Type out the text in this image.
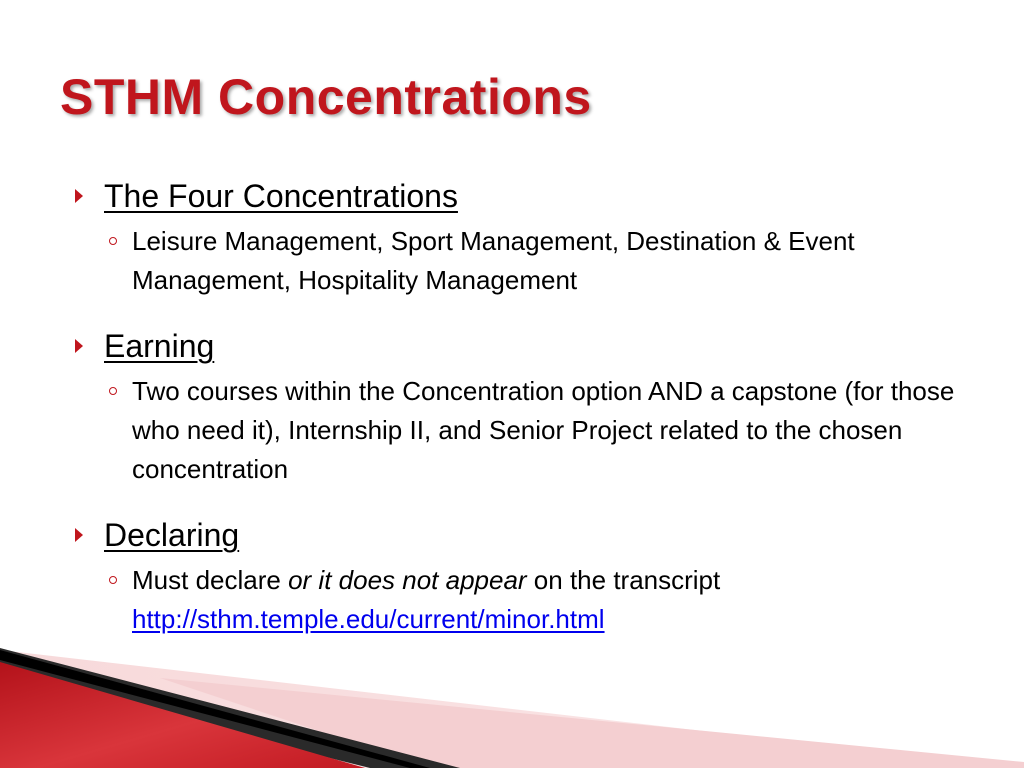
STHM Concentrations
The Four Concentrations
Leisure Management, Sport Management, Destination & Event Management, Hospitality Management
Earning
Two courses within the Concentration option AND a capstone (for those who need it), Internship II, and Senior Project related to the chosen concentration
Declaring
Must declare or it does not appear on the transcript
http://sthm.temple.edu/current/minor.html
